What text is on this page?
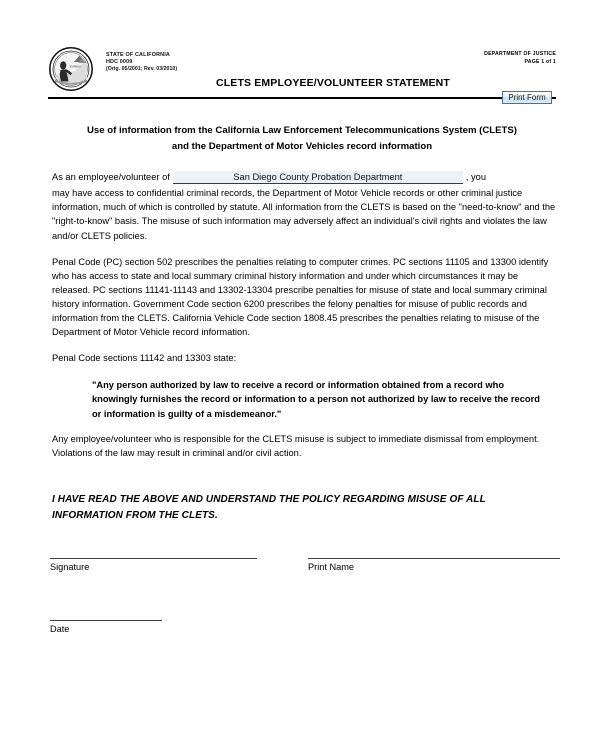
EUREKA
STATE OF CALIFORNIA
HDC 0009
(Orig. 05/2001; Rev. 03/2010)
DEPARTMENT OF JUSTICE
PAGE 1 of 1
CLETS EMPLOYEE/VOLUNTEER STATEMENT
Print Form
Use of information from the California Law Enforcement Telecommunications System (CLETS)
and the Department of Motor Vehicles record information
As an employee/volunteer of
San Diego County Probation Department	, you

may have access to confidential criminal records, the Department of Motor Vehicle records or other criminal justice information, much of which is controlled by statute. All information from the CLETS is based on the "need-to-know" and the "right-to-know" basis. The misuse of such information may adversely affect an individual's civil rights and violates the law and/or CLETS policies.

Penal Code (PC) section 502 prescribes the penalties relating to computer crimes. PC sections 11105 and 13300 identify who has access to state and local summary criminal history information and under which circumstances it may be released. PC sections 11141-11143 and 13302-13304 prescribe penalties for misuse of state and local summary criminal history information. Government Code section 6200 prescribes the felony penalties for misuse of public records and information from the CLETS. California Vehicle Code section 1808.45 prescribes the penalties relating to misuse of the Department of Motor Vehicle record information.

Penal Code sections 11142 and 13303 state:

"Any person authorized by law to receive a record or information obtained from a record who knowingly furnishes the record or information to a person not authorized by law to receive the record or information is guilty of a misdemeanor."

Any employee/volunteer who is responsible for the CLETS misuse is subject to immediate dismissal from employment. Violations of the law may result in criminal and/or civil action.

I HAVE READ THE ABOVE AND UNDERSTAND THE POLICY REGARDING MISUSE OF ALL
INFORMATION FROM THE CLETS.
Signature	Print Name
Date
